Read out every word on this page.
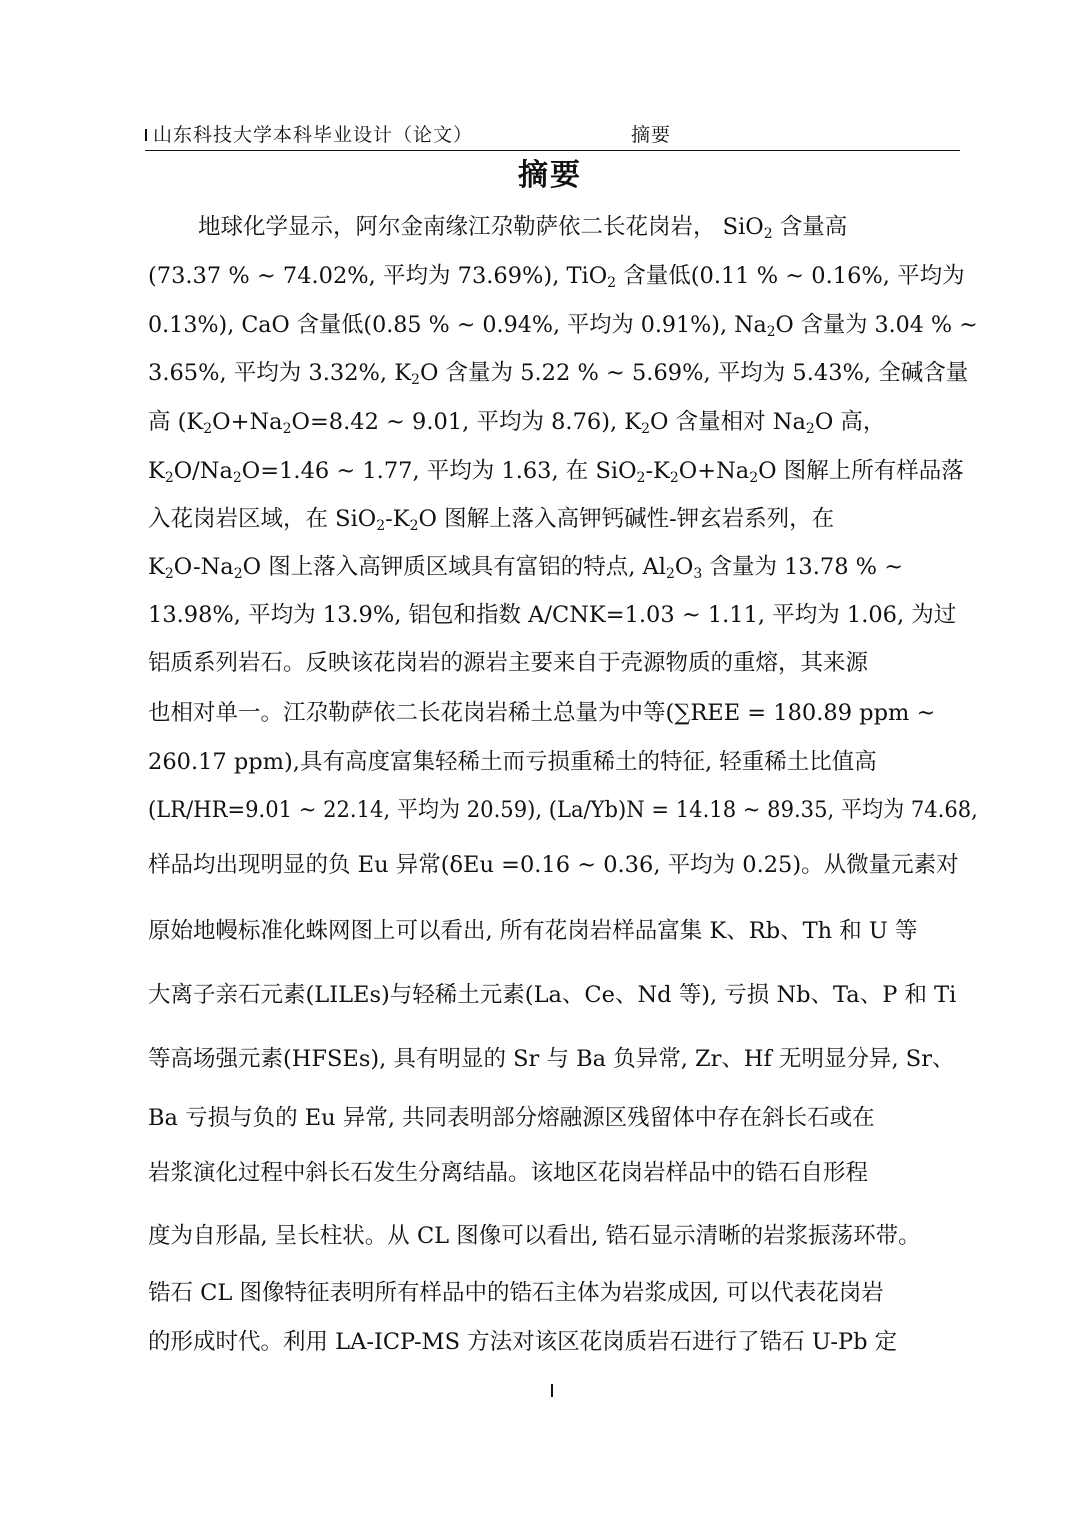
山东科技大学本科毕业设计（论文）	摘要
摘要
地球化学显示，阿尔金南缘江尕勒萨依二长花岗岩， SiO$_2$ 含量高
(73.37 % ~ 74.02%, 平均为 73.69%), TiO$_2$ 含量低(0.11 % ~ 0.16%, 平均为
0.13%), CaO 含量低(0.85 % ~ 0.94%, 平均为 0.91%), $Na_2O$ 含量为 3.04 % ~
3.65%, 平均为 3.32%, $K_2O$ 含量为 5.22 % ~ 5.69%, 平均为 5.43%, 全碱含量
高 ($K_2O+Na_2O=8.42$ ~ 9.01, 平均为 8.76), $K_2O$ 含量相对 $Na_2O$ 高，
$K_2O/Na_2O=1.46$ ~ 1.77, 平均为 1.63, 在 $SiO_2-K_2O+Na_2O$ 图解上所有样品落
入花岗岩区域，在 $SiO_2-K_2O$ 图解上落入高钾钙碱性-钾玄岩系列，在
$K_2O-Na_2O$ 图上落入高钾质区域具有富铝的特点, $Al_2O_3$ 含量为 13.78 % ~
13.98%, 平均为 13.9%, 铝包和指数 A/CNK=1.03 ~ 1.11, 平均为 1.06, 为过
铝质系列岩石。反映该花岗岩的源岩主要来自于壳源物质的重熔，其来源
也相对单一。江尕勒萨依二长花岗岩稀土总量为中等(∑REE = 180.89 ppm ~
260.17 ppm),具有高度富集轻稀土而亏损重稀土的特征, 轻重稀土比值高
(LR/HR=9.01 ~ 22.14, 平均为 20.59), (La/Yb)N = 14.18 ~ 89.35, 平均为 74.68,
样品均出现明显的负 Eu 异常(δEu =0.16 ~ 0.36, 平均为 0.25)。从微量元素对
原始地幔标准化蛛网图上可以看出, 所有花岗岩样品富集 K、Rb、Th 和 U 等
大离子亲石元素(LILEs)与轻稀土元素(La、Ce、Nd 等), 亏损 Nb、Ta、P 和 Ti
等高场强元素(HFSEs), 具有明显的 Sr 与 Ba 负异常, Zr、Hf 无明显分异, Sr、
Ba 亏损与负的 Eu 异常, 共同表明部分熔融源区残留体中存在斜长石或在
岩浆演化过程中斜长石发生分离结晶。该地区花岗岩样品中的锆石自形程
度为自形晶, 呈长柱状。从 CL 图像可以看出, 锆石显示清晰的岩浆振荡环带。
锆石 CL 图像特征表明所有样品中的锆石主体为岩浆成因, 可以代表花岗岩
的形成时代。利用 LA-ICP-MS 方法对该区花岗质岩石进行了锆石 U-Pb 定
